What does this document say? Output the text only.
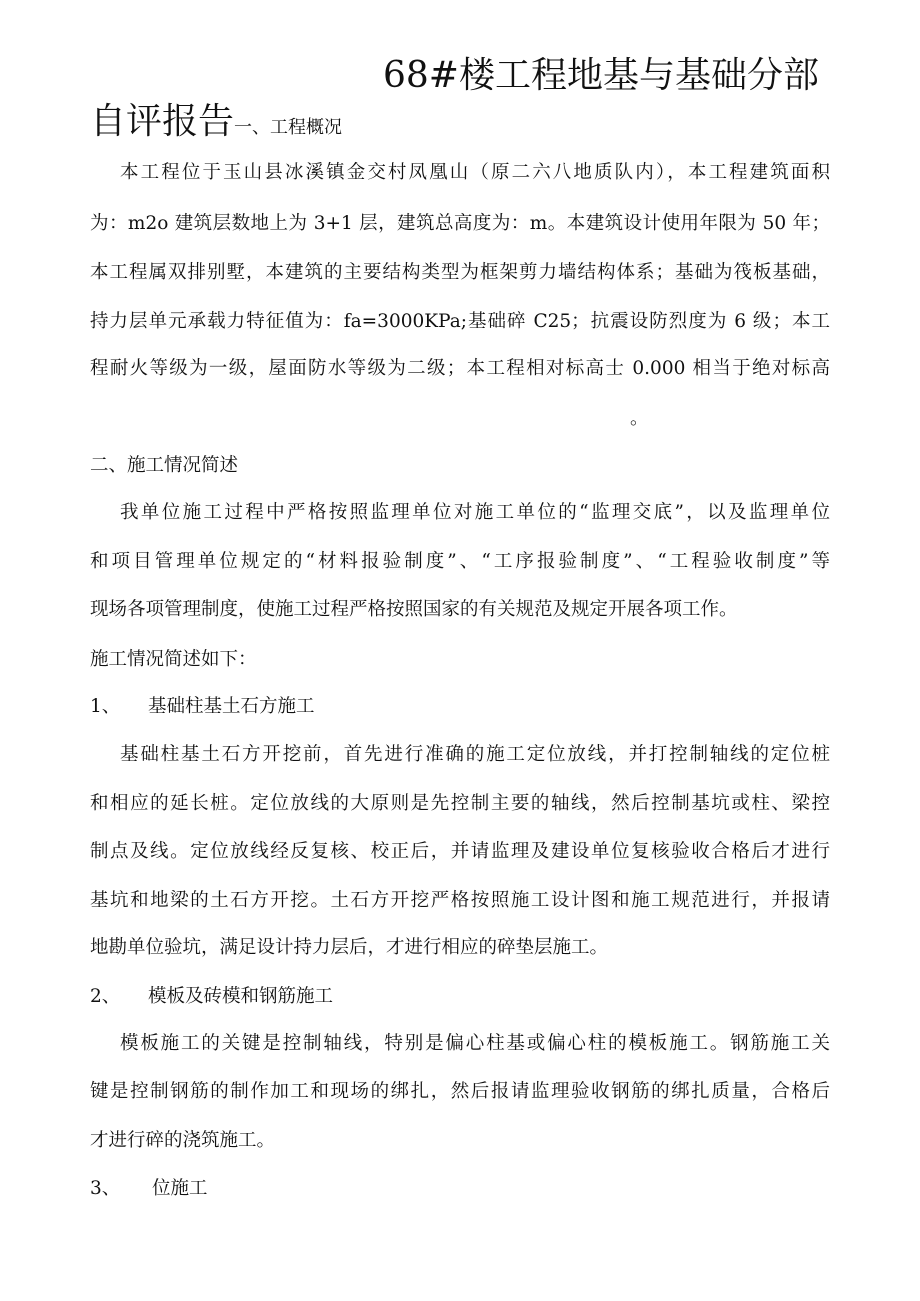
68#楼工程地基与基础分部
自评报告一、工程概况
本工程位于玉山县冰溪镇金交村凤凰山（原二六八地质队内），本工程建筑面积
为：m2o 建筑层数地上为 3+1 层，建筑总高度为：m。本建筑设计使用年限为 50 年；
本工程属双排别墅，本建筑的主要结构类型为框架剪力墙结构体系；基础为筏板基础，
持力层单元承载力特征值为：fa=3000KPa;基础碎 C25；抗震设防烈度为 6 级；本工
程耐火等级为一级，屋面防水等级为二级；本工程相对标高士 0.000 相当于绝对标高
。
二、施工情况简述
我单位施工过程中严格按照监理单位对施工单位的“监理交底”，以及监理单位
和项目管理单位规定的“材料报验制度”、“工序报验制度”、“工程验收制度”等
现场各项管理制度，使施工过程严格按照国家的有关规范及规定开展各项工作。
施工情况简述如下：
1、 基础柱基土石方施工
基础柱基土石方开挖前，首先进行准确的施工定位放线，并打控制轴线的定位桩
和相应的延长桩。定位放线的大原则是先控制主要的轴线，然后控制基坑或柱、梁控
制点及线。定位放线经反复核、校正后，并请监理及建设单位复核验收合格后才进行
基坑和地梁的土石方开挖。土石方开挖严格按照施工设计图和施工规范进行，并报请
地勘单位验坑，满足设计持力层后，才进行相应的碎垫层施工。
2、 模板及砖模和钢筋施工
模板施工的关键是控制轴线，特别是偏心柱基或偏心柱的模板施工。钢筋施工关
键是控制钢筋的制作加工和现场的绑扎，然后报请监理验收钢筋的绑扎质量，合格后
才进行碎的浇筑施工。
3、 位施工
